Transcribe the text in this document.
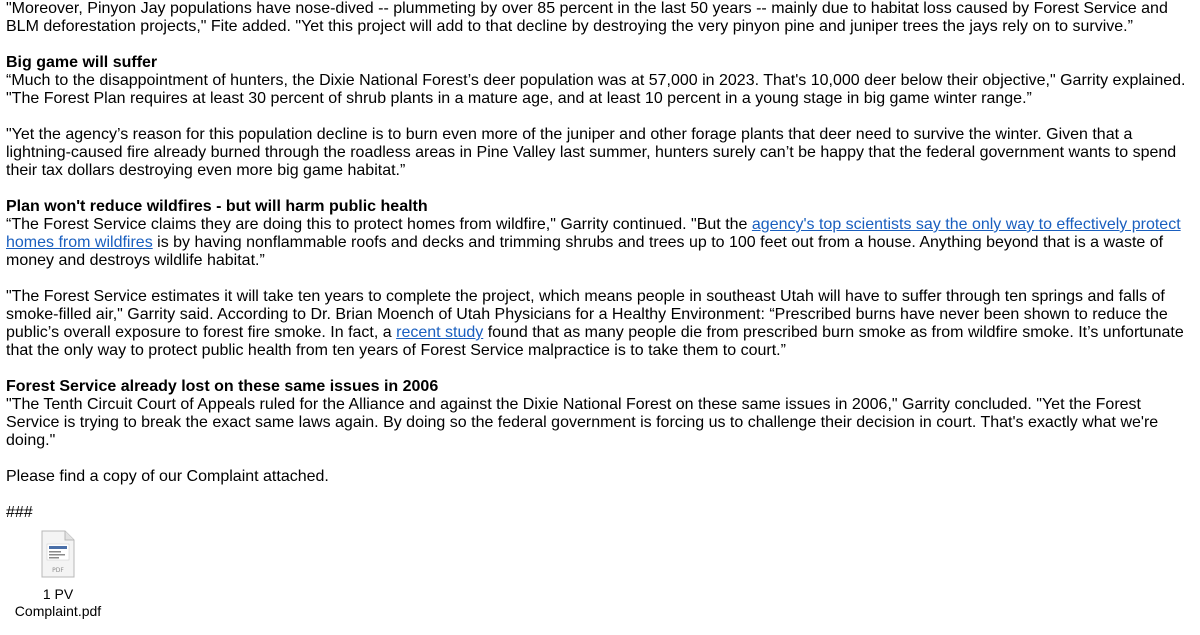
"Moreover, Pinyon Jay populations have nose-dived -- plummeting by over 85 percent in the last 50 years -- mainly due to habitat loss caused by Forest Service and BLM deforestation projects," Fite added. "Yet this project will add to that decline by destroying the very pinyon pine and juniper trees the jays rely on to survive.”

Big game will suffer

“Much to the disappointment of hunters, the Dixie National Forest’s deer population was at 57,000 in 2023. That's 10,000 deer below their objective," Garrity explained. "The Forest Plan requires at least 30 percent of shrub plants in a mature age, and at least 10 percent in a young stage in big game winter range.”

"Yet the agency’s reason for this population decline is to burn even more of the juniper and other forage plants that deer need to survive the winter. Given that a lightning-caused fire already burned through the roadless areas in Pine Valley last summer, hunters surely can’t be happy that the federal government wants to spend their tax dollars destroying even more big game habitat.”

Plan won't reduce wildfires - but will harm public health

“The Forest Service claims they are doing this to protect homes from wildfire," Garrity continued. "But the agency's top scientists say the only way to effectively protect homes from wildfires is by having nonflammable roofs and decks and trimming shrubs and trees up to 100 feet out from a house. Anything beyond that is a waste of money and destroys wildlife habitat.”

"The Forest Service estimates it will take ten years to complete the project, which means people in southeast Utah will have to suffer through ten springs and falls of smoke-filled air," Garrity said. According to Dr. Brian Moench of Utah Physicians for a Healthy Environment: “Prescribed burns have never been shown to reduce the public’s overall exposure to forest fire smoke. In fact, a recent study found that as many people die from prescribed burn smoke as from wildfire smoke. It’s unfortunate that the only way to protect public health from ten years of Forest Service malpractice is to take them to court.”

Forest Service already lost on these same issues in 2006

"The Tenth Circuit Court of Appeals ruled for the Alliance and against the Dixie National Forest on these same issues in 2006," Garrity concluded. "Yet the Forest Service is trying to break the exact same laws again. By doing so the federal government is forcing us to challenge their decision in court. That's exactly what we're doing."

Please find a copy of our Complaint attached.

###

PDF
1 PV
Complaint.pdf
